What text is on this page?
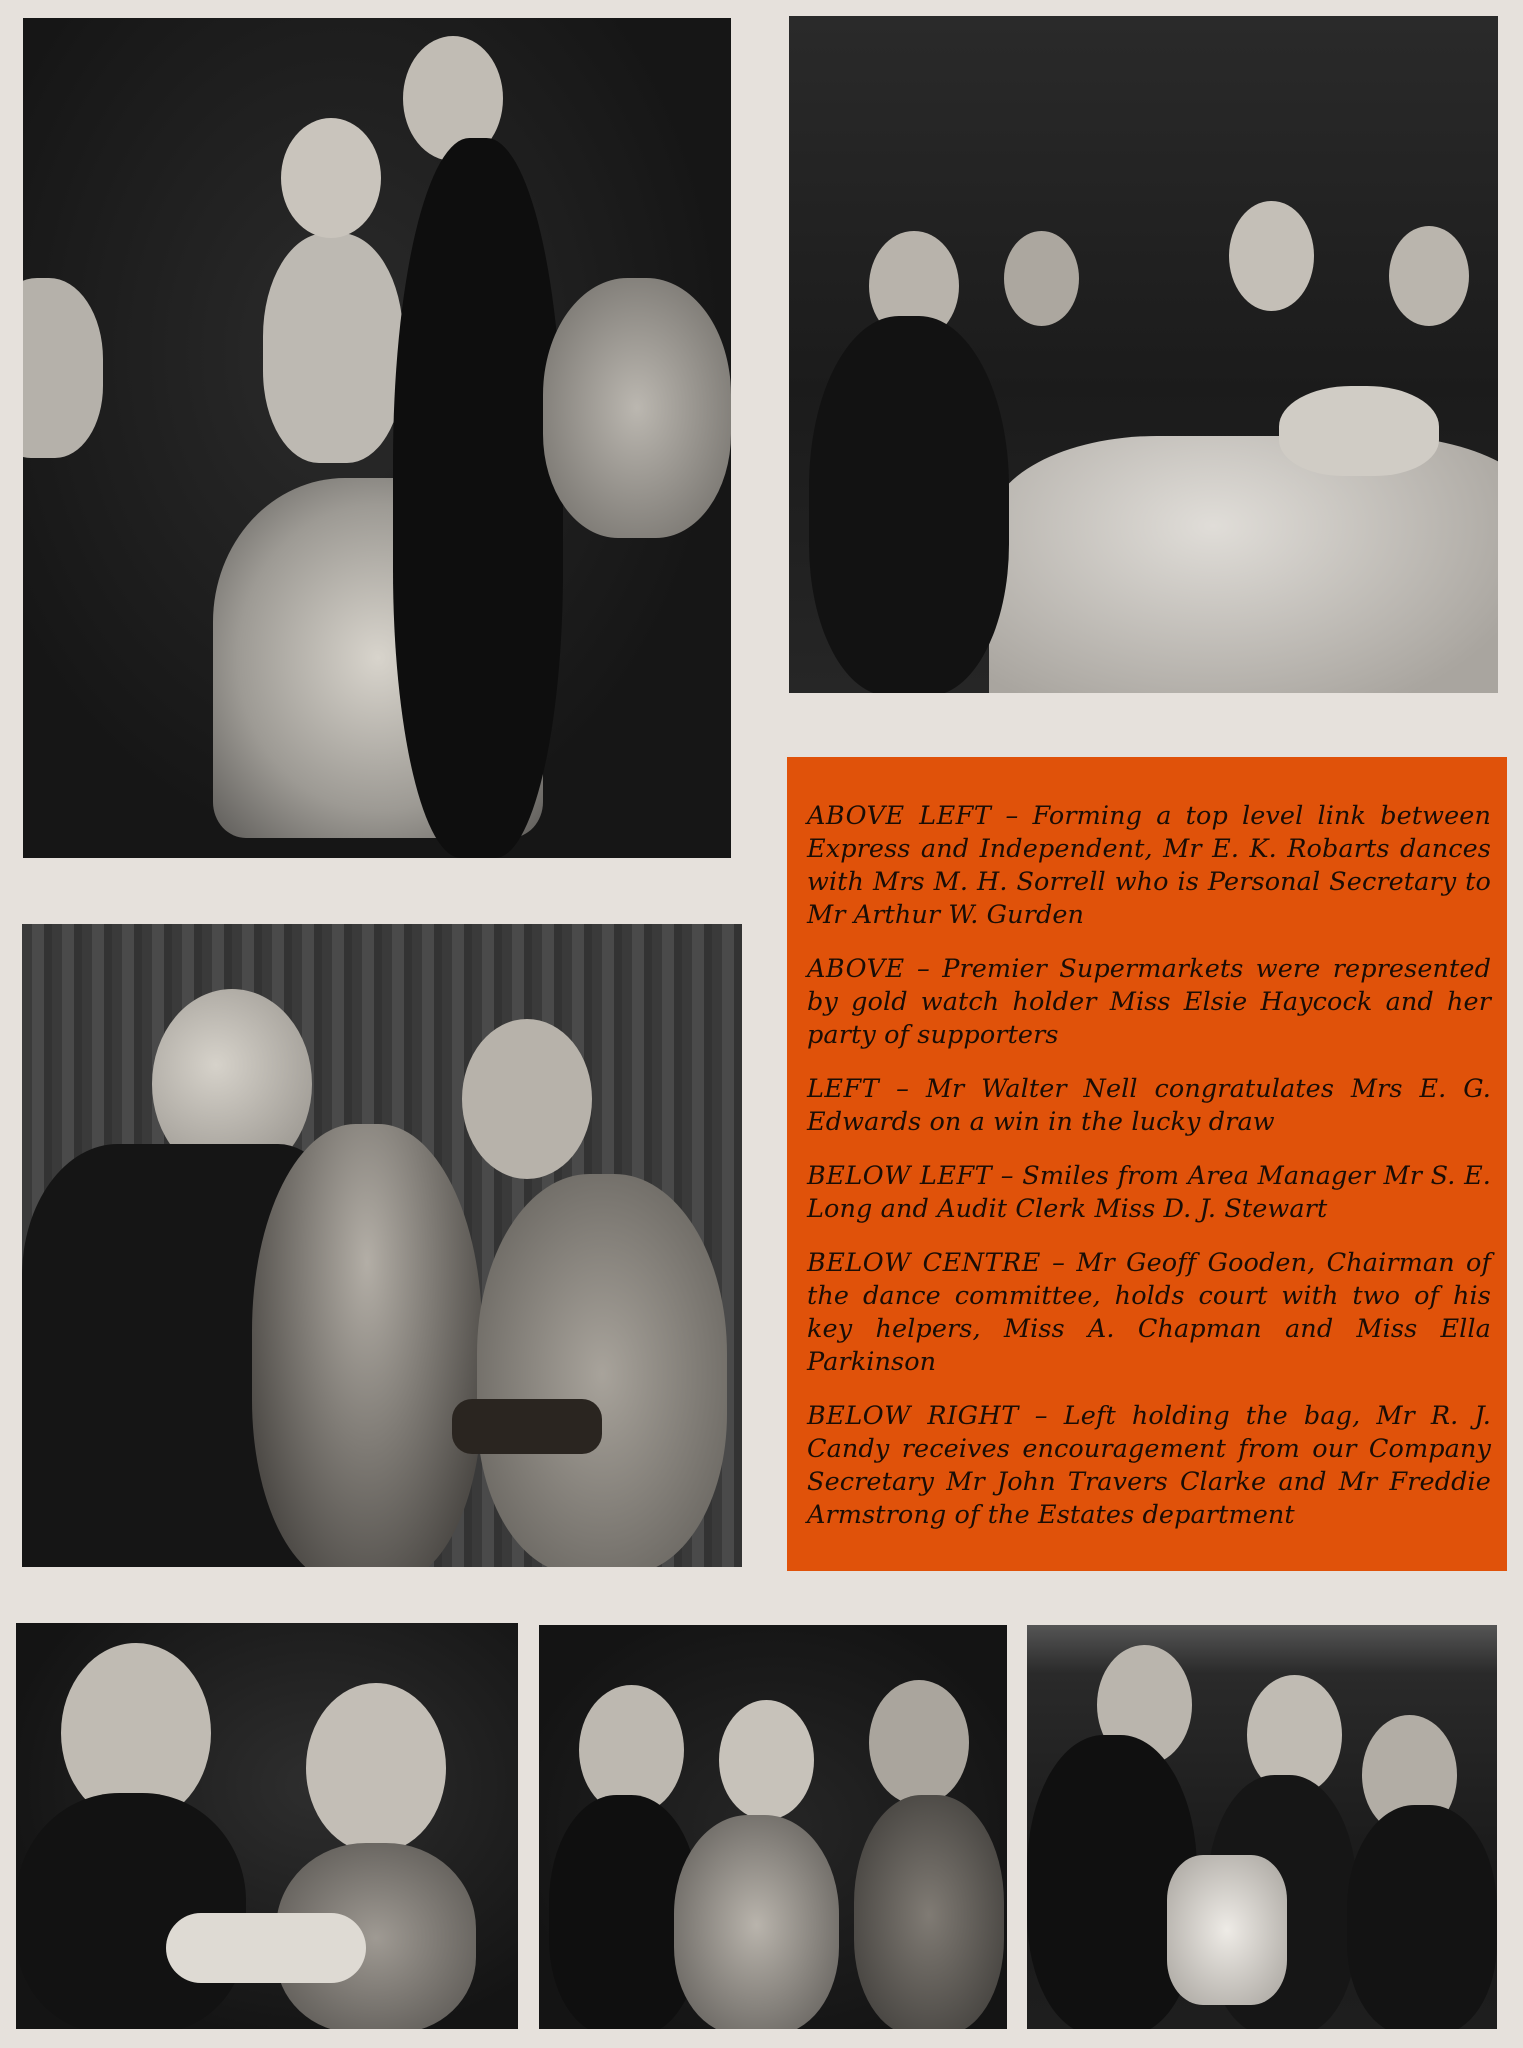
ABOVE LEFT – Forming a top level link between Express and Independent, Mr E. K. Robarts dances with Mrs M. H. Sorrell who is Personal Secretary to Mr Arthur W. Gurden

ABOVE – Premier Supermarkets were represented by gold watch holder Miss Elsie Haycock and her party of supporters

LEFT – Mr Walter Nell congratulates Mrs E. G. Edwards on a win in the lucky draw

BELOW LEFT – Smiles from Area Manager Mr S. E. Long and Audit Clerk Miss D. J. Stewart

BELOW CENTRE – Mr Geoff Gooden, Chairman of the dance committee, holds court with two of his key helpers, Miss A. Chapman and Miss Ella Parkinson

BELOW RIGHT – Left holding the bag, Mr R. J. Candy receives encouragement from our Company Secretary Mr John Travers Clarke and Mr Freddie Armstrong of the Estates department
